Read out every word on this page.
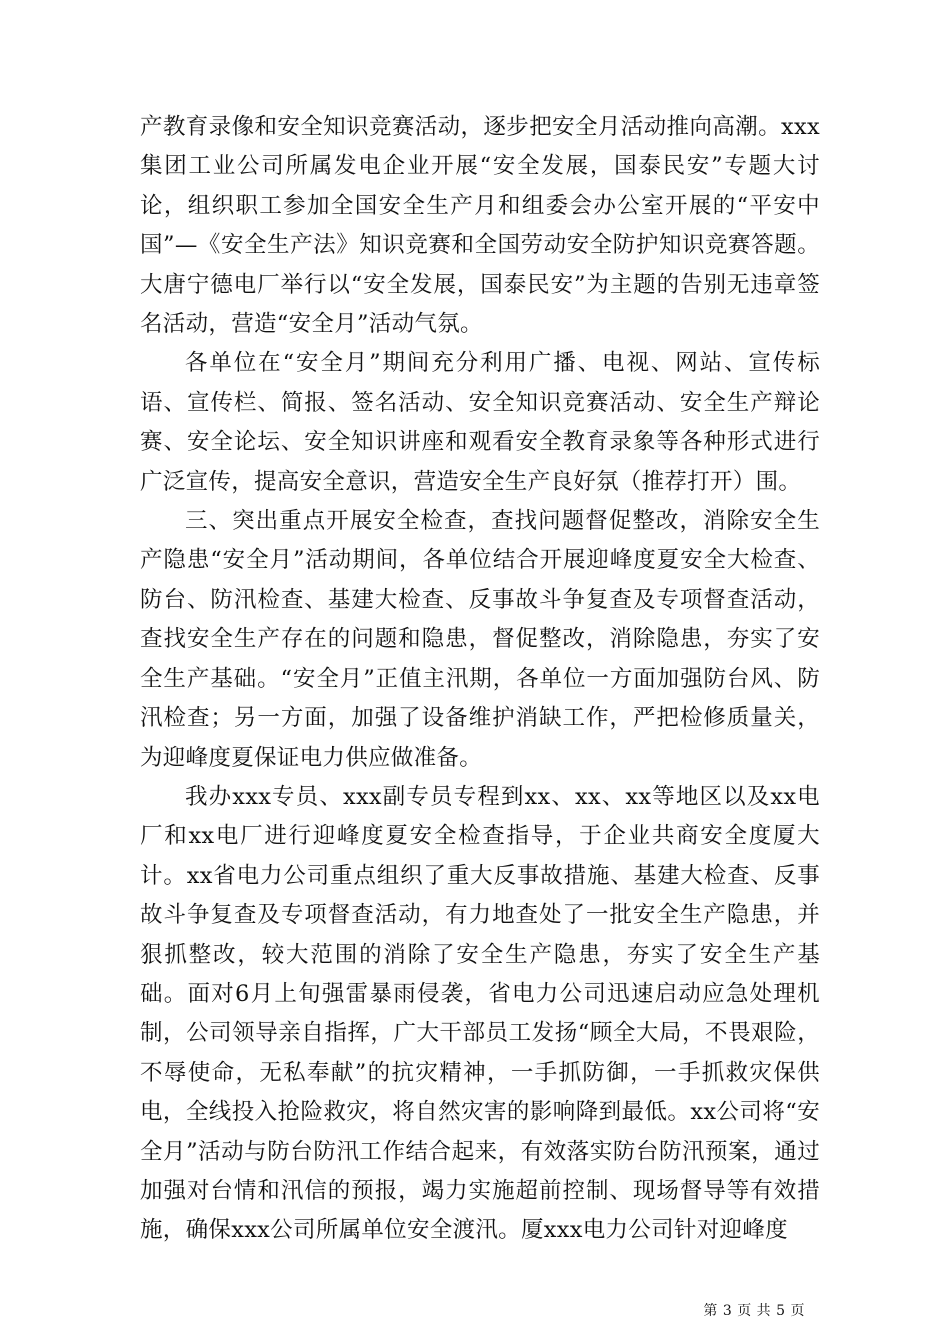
产教育录像和安全知识竞赛活动，逐步把安全月活动推向高潮。xxx集团工业公司所属发电企业开展“安全发展，国泰民安”专题大讨论，组织职工参加全国安全生产月和组委会办公室开展的“平安中国”—《安全生产法》知识竞赛和全国劳动安全防护知识竞赛答题。大唐宁德电厂举行以“安全发展，国泰民安”为主题的告别无违章签名活动，营造“安全月”活动气氛。

各单位在“安全月”期间充分利用广播、电视、网站、宣传标语、宣传栏、简报、签名活动、安全知识竞赛活动、安全生产辩论赛、安全论坛、安全知识讲座和观看安全教育录象等各种形式进行广泛宣传，提高安全意识，营造安全生产良好氛（推荐打开）围。

三、突出重点开展安全检查，查找问题督促整改，消除安全生产隐患“安全月”活动期间，各单位结合开展迎峰度夏安全大检查、防台、防汛检查、基建大检查、反事故斗争复查及专项督查活动，查找安全生产存在的问题和隐患，督促整改，消除隐患，夯实了安全生产基础。“安全月”正值主汛期，各单位一方面加强防台风、防汛检查；另一方面，加强了设备维护消缺工作，严把检修质量关，为迎峰度夏保证电力供应做准备。

我办xxx专员、xxx副专员专程到xx、xx、xx等地区以及xx电厂和xx电厂进行迎峰度夏安全检查指导，于企业共商安全度厦大计。xx省电力公司重点组织了重大反事故措施、基建大检查、反事故斗争复查及专项督查活动，有力地查处了一批安全生产隐患，并狠抓整改，较大范围的消除了安全生产隐患，夯实了安全生产基础。面对6月上旬强雷暴雨侵袭，省电力公司迅速启动应急处理机制，公司领导亲自指挥，广大干部员工发扬“顾全大局，不畏艰险，不辱使命，无私奉献”的抗灾精神，一手抓防御，一手抓救灾保供电，全线投入抢险救灾，将自然灾害的影响降到最低。xx公司将“安全月”活动与防台防汛工作结合起来，有效落实防台防汛预案，通过加强对台情和汛信的预报，竭力实施超前控制、现场督导等有效措施，确保xxx公司所属单位安全渡汛。厦xxx电力公司针对迎峰度

第 3 页 共 5 页
